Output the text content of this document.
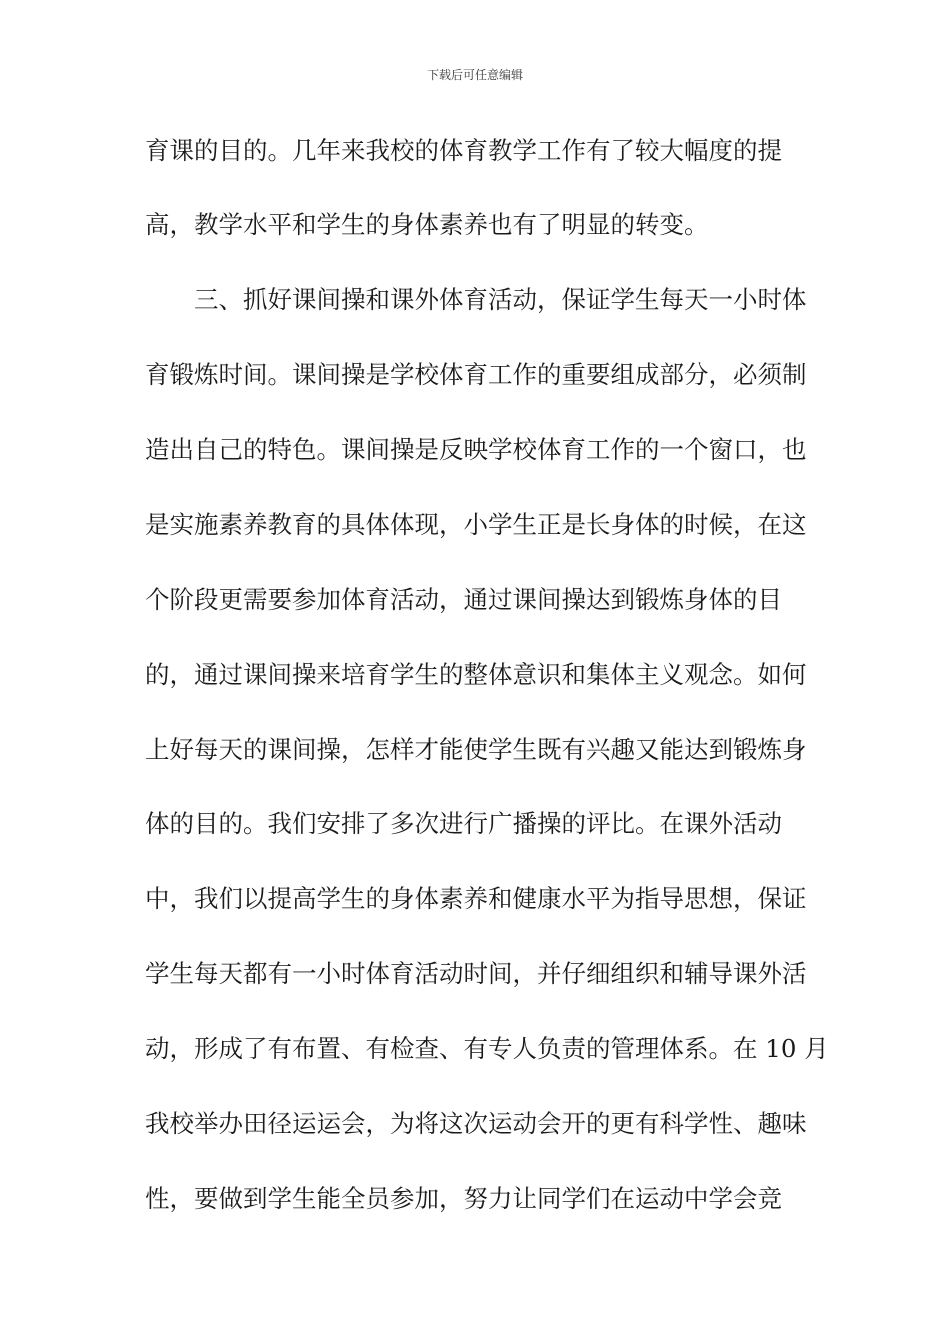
下载后可任意编辑
育课的目的。几年来我校的体育教学工作有了较大幅度的提
高，教学水平和学生的身体素养也有了明显的转变。
　　三、抓好课间操和课外体育活动，保证学生每天一小时体
育锻炼时间。课间操是学校体育工作的重要组成部分，必须制
造出自己的特色。课间操是反映学校体育工作的一个窗口，也
是实施素养教育的具体体现，小学生正是长身体的时候，在这
个阶段更需要参加体育活动，通过课间操达到锻炼身体的目
的，通过课间操来培育学生的整体意识和集体主义观念。如何
上好每天的课间操，怎样才能使学生既有兴趣又能达到锻炼身
体的目的。我们安排了多次进行广播操的评比。在课外活动
中，我们以提高学生的身体素养和健康水平为指导思想，保证
学生每天都有一小时体育活动时间，并仔细组织和辅导课外活
动，形成了有布置、有检查、有专人负责的管理体系。在 10 月
我校举办田径运运会，为将这次运动会开的更有科学性、趣味
性，要做到学生能全员参加，努力让同学们在运动中学会竞
